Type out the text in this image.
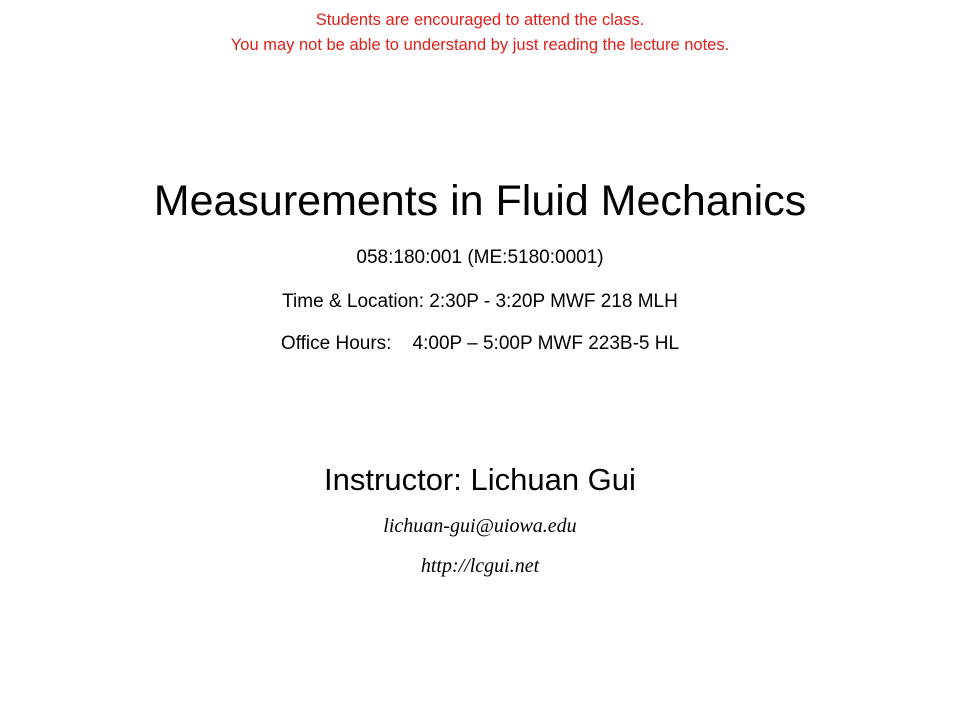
Students are encouraged to attend the class.
You may not be able to understand by just reading the lecture notes.
Measurements in Fluid Mechanics
058:180:001 (ME:5180:0001)
Time & Location: 2:30P - 3:20P MWF 218 MLH
Office Hours:    4:00P – 5:00P MWF 223B-5 HL
Instructor: Lichuan Gui
lichuan-gui@uiowa.edu
http://lcgui.net
